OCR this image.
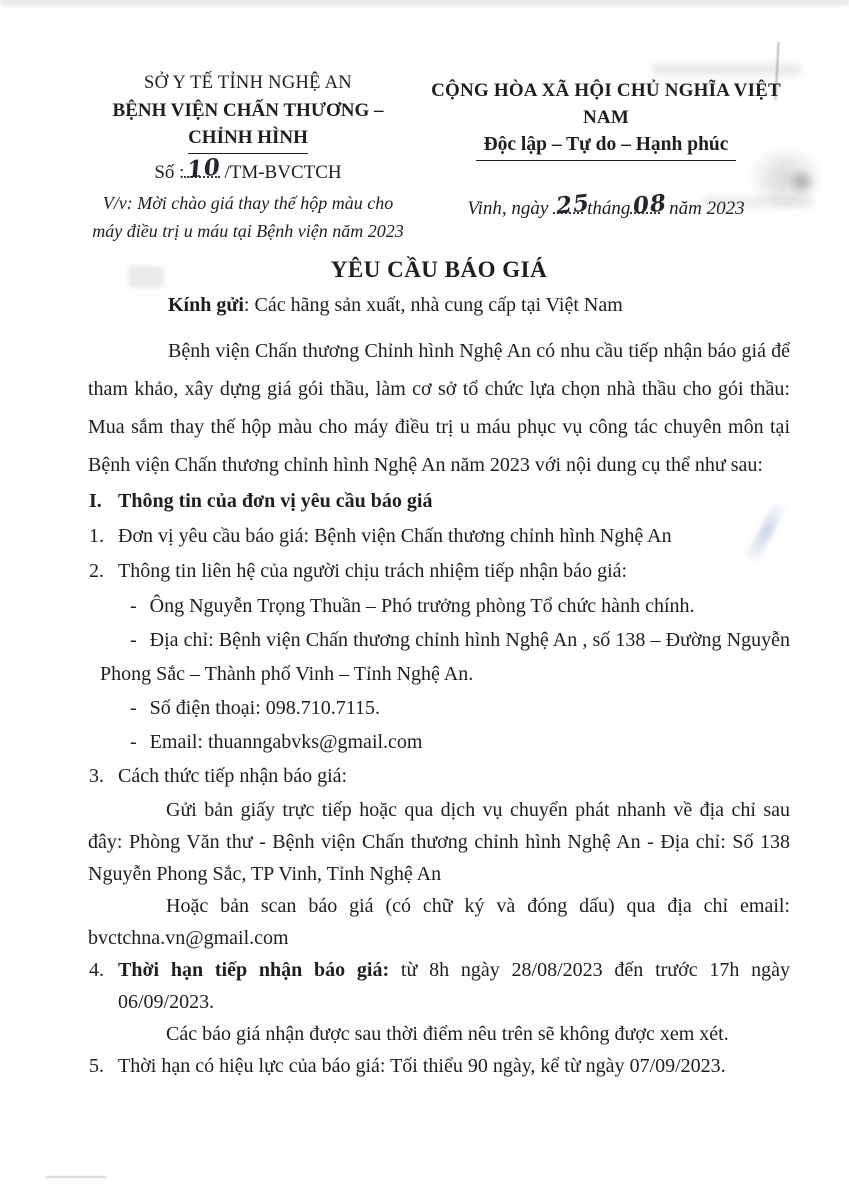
SỞ Y TẾ TỈNH NGHỆ AN
BỆNH VIỆN CHẤN THƯƠNG –
CHỈNH HÌNH
Số : 10 /TM-BVCTCH
V/v: Mời chào giá thay thế hộp màu cho máy điều trị u máu tại Bệnh viện năm 2023
CỘNG HÒA XÃ HỘI CHỦ NGHĨA VIỆT NAM
Độc lập – Tự do – Hạnh phúc
Vinh, ngày 25
tháng 08 năm 2023
YÊU CẦU BÁO GIÁ
Kính gửi: Các hãng sản xuất, nhà cung cấp tại Việt Nam

Bệnh viện Chấn thương Chỉnh hình Nghệ An có nhu cầu tiếp nhận báo giá để tham khảo, xây dựng giá gói thầu, làm cơ sở tổ chức lựa chọn nhà thầu cho gói thầu: Mua sắm thay thế hộp màu cho máy điều trị u máu phục vụ công tác chuyên môn tại Bệnh viện Chấn thương chỉnh hình Nghệ An năm 2023 với nội dung cụ thể như sau:

I. Thông tin của đơn vị yêu cầu báo giá
1. Đơn vị yêu cầu báo giá: Bệnh viện Chấn thương chỉnh hình Nghệ An
2. Thông tin liên hệ của người chịu trách nhiệm tiếp nhận báo giá:
- Ông Nguyễn Trọng Thuần – Phó trưởng phòng Tổ chức hành chính.
- Địa chỉ: Bệnh viện Chấn thương chỉnh hình Nghệ An , số 138 – Đường Nguyễn Phong Sắc – Thành phố Vinh – Tỉnh Nghệ An.
- Số điện thoại: 098.710.7115.
- Email: thuanngabvks@gmail.com
3. Cách thức tiếp nhận báo giá:

Gửi bản giấy trực tiếp hoặc qua dịch vụ chuyển phát nhanh về địa chỉ sau đây: Phòng Văn thư - Bệnh viện Chấn thương chỉnh hình Nghệ An - Địa chỉ: Số 138 Nguyễn Phong Sắc, TP Vinh, Tỉnh Nghệ An

Hoặc bản scan báo giá (có chữ ký và đóng dấu) qua địa chỉ email: bvctchna.vn@gmail.com

4. Thời hạn tiếp nhận báo giá: từ 8h ngày 28/08/2023 đến trước 17h ngày 06/09/2023.
Các báo giá nhận được sau thời điểm nêu trên sẽ không được xem xét.
5. Thời hạn có hiệu lực của báo giá: Tối thiểu 90 ngày, kể từ ngày 07/09/2023.
